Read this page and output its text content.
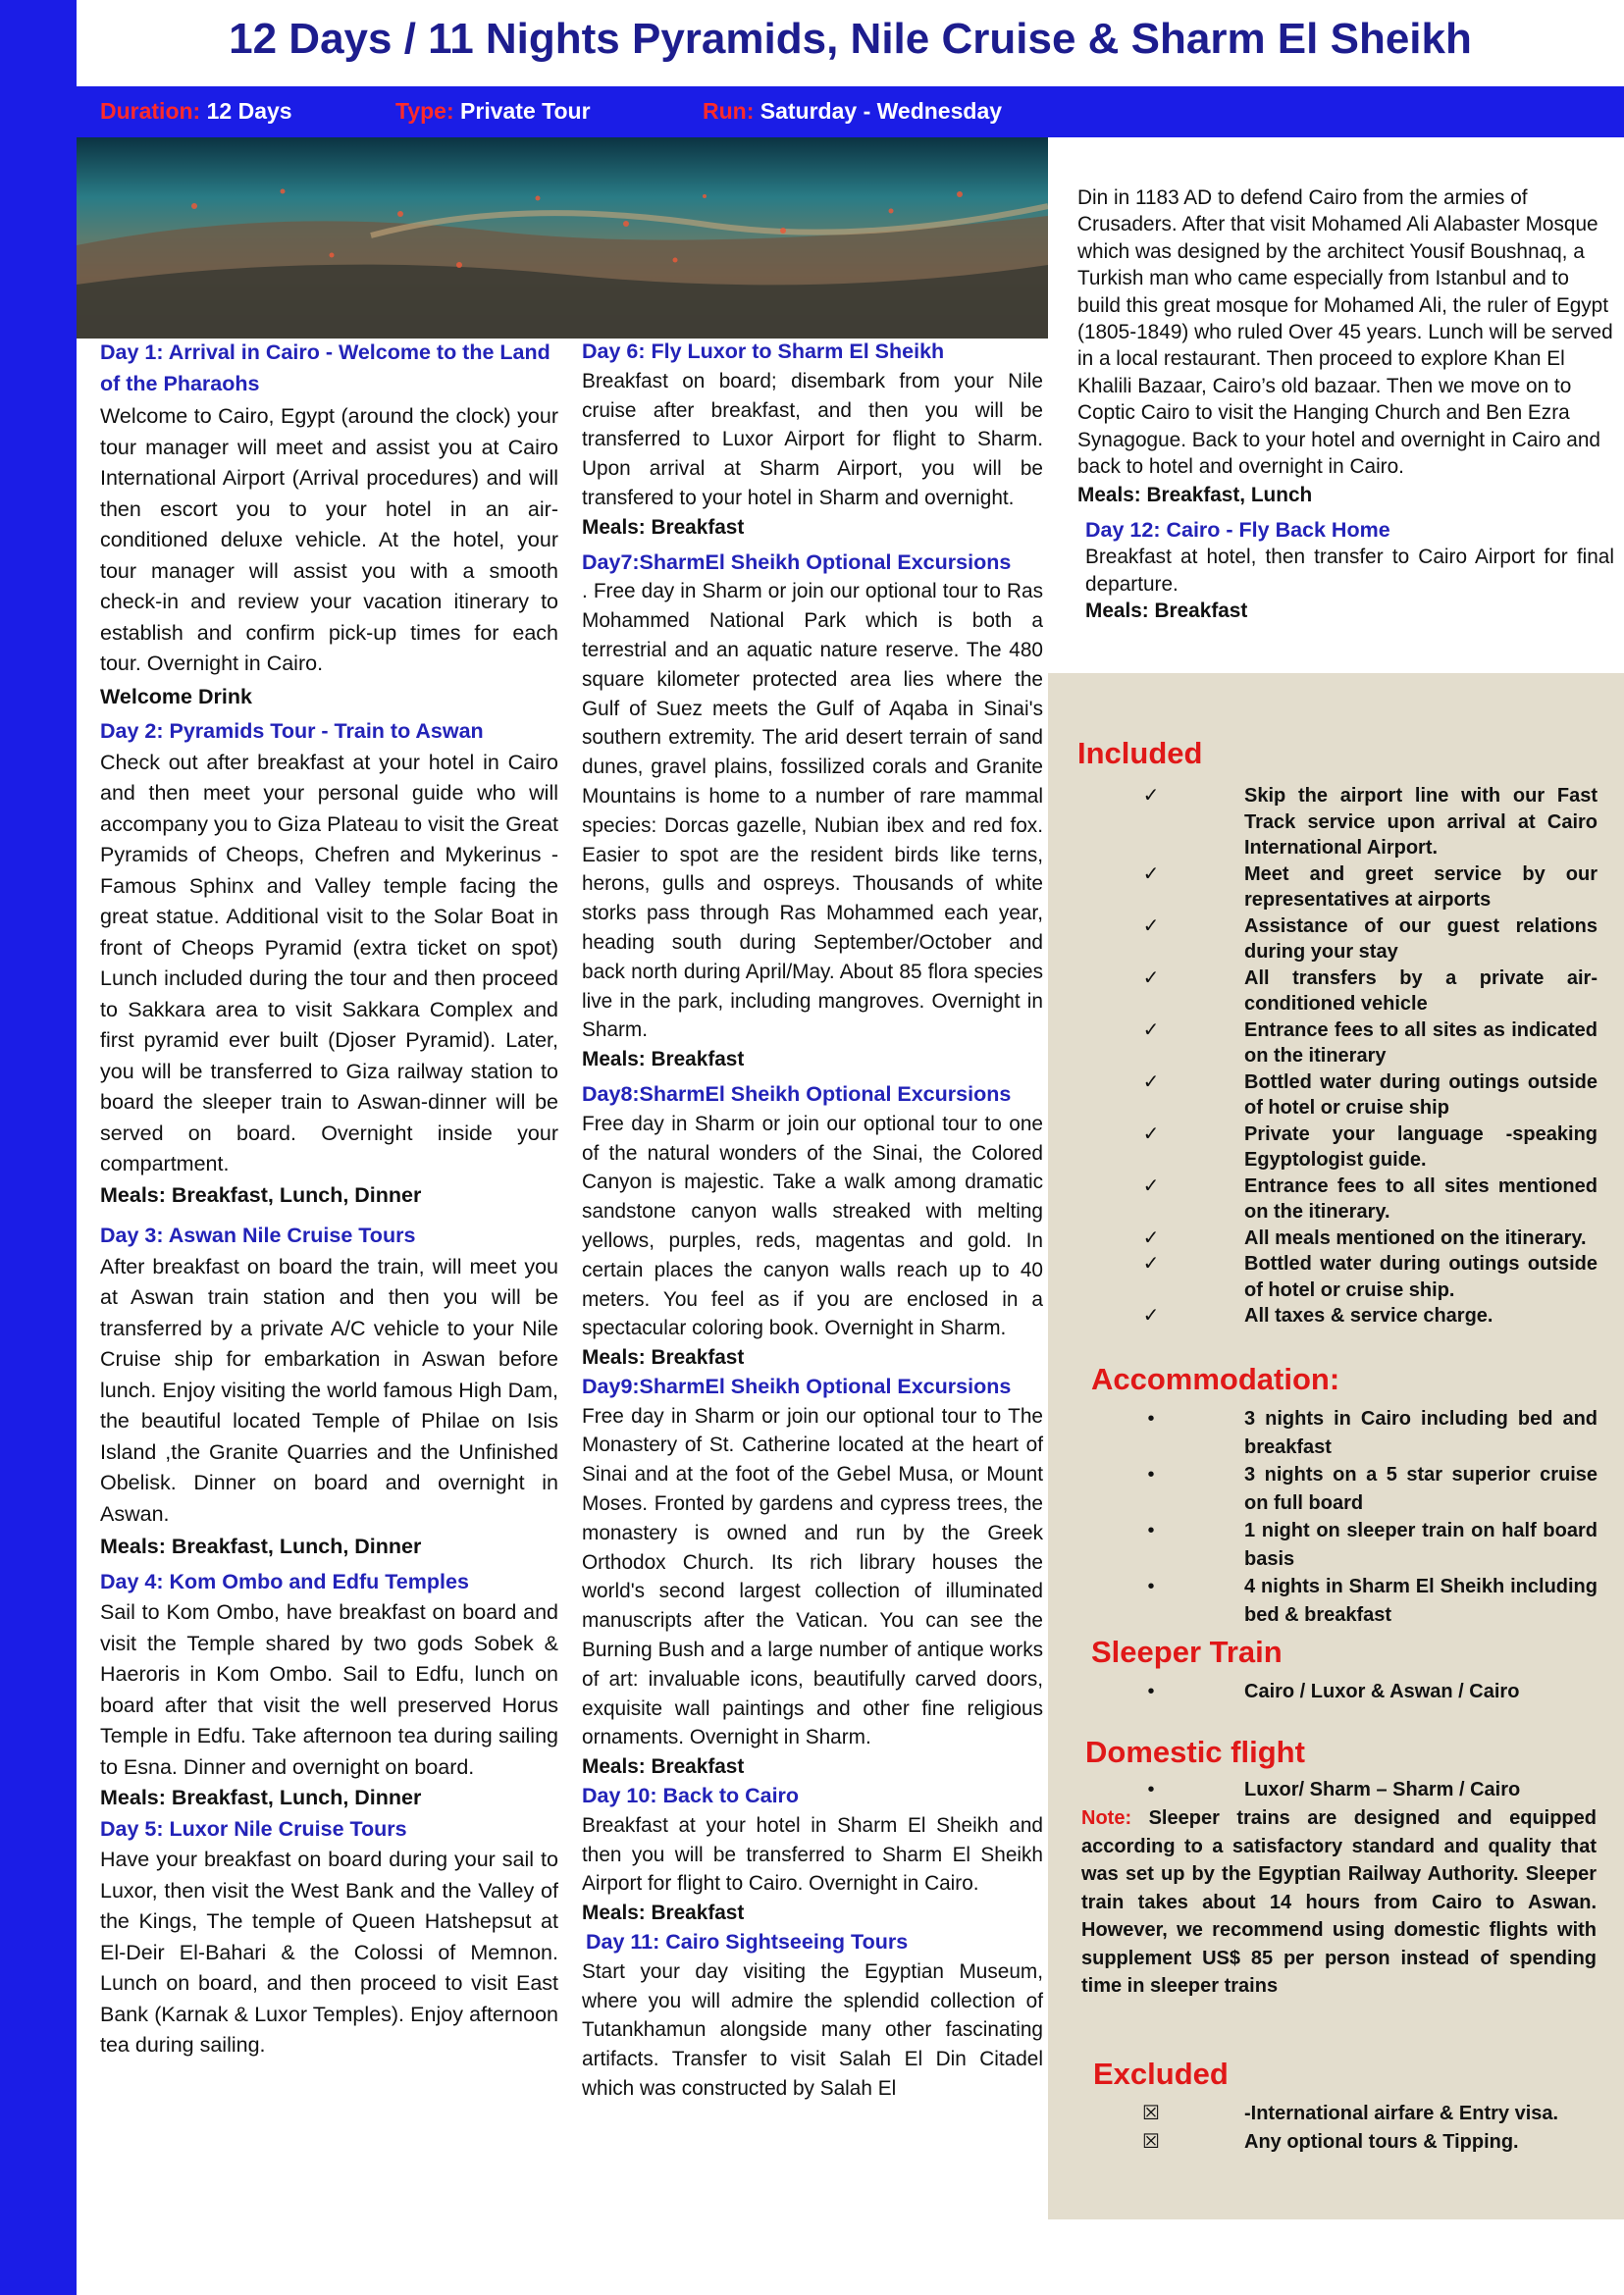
12 Days / 11 Nights Pyramids, Nile Cruise & Sharm El Sheikh
Duration: 12 Days	Type: Private Tour	Run: Saturday - Wednesday
Day 1: Arrival in Cairo - Welcome to the Land of the Pharaohs
Welcome to Cairo, Egypt (around the clock) your tour manager will meet and assist you at Cairo International Airport (Arrival procedures) and will then escort you to your hotel in an air-conditioned deluxe vehicle. At the hotel, your tour manager will assist you with a smooth check-in and review your vacation itinerary to establish and confirm pick-up times for each tour. Overnight in Cairo.
Welcome Drink
Day 2: Pyramids Tour - Train to Aswan
Check out after breakfast at your hotel in Cairo and then meet your personal guide who will accompany you to Giza Plateau to visit the Great Pyramids of Cheops, Chefren and Mykerinus - Famous Sphinx and Valley temple facing the great statue. Additional visit to the Solar Boat in front of Cheops Pyramid (extra ticket on spot) Lunch included during the tour and then proceed to Sakkara area to visit Sakkara Complex and first pyramid ever built (Djoser Pyramid). Later, you will be transferred to Giza railway station to board the sleeper train to Aswan-dinner will be served on board. Overnight inside your compartment.
Meals: Breakfast, Lunch, Dinner
Day 3: Aswan Nile Cruise Tours
After breakfast on board the train, will meet you at Aswan train station and then you will be transferred by a private A/C vehicle to your Nile Cruise ship for embarkation in Aswan before lunch. Enjoy visiting the world famous High Dam, the beautiful located Temple of Philae on Isis Island ,the Granite Quarries and the Unfinished Obelisk. Dinner on board and overnight in Aswan.
Meals: Breakfast, Lunch, Dinner
Day 4: Kom Ombo and Edfu Temples
Sail to Kom Ombo, have breakfast on board and visit the Temple shared by two gods Sobek & Haeroris in Kom Ombo. Sail to Edfu, lunch on board after that visit the well preserved Horus Temple in Edfu. Take afternoon tea during sailing to Esna. Dinner and overnight on board.
Meals: Breakfast, Lunch, Dinner
Day 5: Luxor Nile Cruise Tours
Have your breakfast on board during your sail to Luxor, then visit the West Bank and the Valley of the Kings, The temple of Queen Hatshepsut at El-Deir El-Bahari & the Colossi of Memnon. Lunch on board, and then proceed to visit East Bank (Karnak & Luxor Temples). Enjoy afternoon tea during sailing.
Day 6: Fly Luxor to Sharm El Sheikh
Breakfast on board; disembark from your Nile cruise after breakfast, and then you will be transferred to Luxor Airport for flight to Sharm. Upon arrival at Sharm Airport, you will be transfered to your hotel in Sharm and overnight.
Meals: Breakfast
Day7:SharmEl Sheikh Optional Excursions
. Free day in Sharm or join our optional tour to Ras Mohammed National Park which is both a terrestrial and an aquatic nature reserve. The 480 square kilometer protected area lies where the Gulf of Suez meets the Gulf of Aqaba in Sinai's southern extremity. The arid desert terrain of sand dunes, gravel plains, fossilized corals and Granite Mountains is home to a number of rare mammal species: Dorcas gazelle, Nubian ibex and red fox. Easier to spot are the resident birds like terns, herons, gulls and ospreys. Thousands of white storks pass through Ras Mohammed each year, heading south during September/October and back north during April/May. About 85 flora species live in the park, including mangroves. Overnight in Sharm.
Meals: Breakfast
Day8:SharmEl Sheikh Optional Excursions
Free day in Sharm or join our optional tour to one of the natural wonders of the Sinai, the Colored Canyon is majestic. Take a walk among dramatic sandstone canyon walls streaked with melting yellows, purples, reds, magentas and gold. In certain places the canyon walls reach up to 40 meters. You feel as if you are enclosed in a spectacular coloring book. Overnight in Sharm.
Meals: Breakfast
Day9:SharmEl Sheikh Optional Excursions
Free day in Sharm or join our optional tour to The Monastery of St. Catherine located at the heart of Sinai and at the foot of the Gebel Musa, or Mount Moses. Fronted by gardens and cypress trees, the monastery is owned and run by the Greek Orthodox Church. Its rich library houses the world's second largest collection of illuminated manuscripts after the Vatican. You can see the Burning Bush and a large number of antique works of art: invaluable icons, beautifully carved doors, exquisite wall paintings and other fine religious ornaments. Overnight in Sharm.
Meals: Breakfast
Day 10: Back to Cairo
Breakfast at your hotel in Sharm El Sheikh and then you will be transferred to Sharm El Sheikh Airport for flight to Cairo. Overnight in Cairo.
Meals: Breakfast
Day 11: Cairo Sightseeing Tours
Start your day visiting the Egyptian Museum, where you will admire the splendid collection of Tutankhamun alongside many other fascinating artifacts. Transfer to visit Salah El Din Citadel which was constructed by Salah El
Din in 1183 AD to defend Cairo from the armies of Crusaders. After that visit Mohamed Ali Alabaster Mosque which was designed by the architect Yousif Boushnaq, a Turkish man who came especially from Istanbul and to build this great mosque for Mohamed Ali, the ruler of Egypt (1805-1849) who ruled Over 45 years. Lunch will be served in a local restaurant. Then proceed to explore Khan El Khalili Bazaar, Cairo’s old bazaar. Then we move on to Coptic Cairo to visit the Hanging Church and Ben Ezra Synagogue. Back to your hotel and overnight in Cairo and back to hotel and overnight in Cairo.
Meals: Breakfast, Lunch
Day 12: Cairo - Fly Back Home
Breakfast at hotel, then transfer to Cairo Airport for final departure.
Meals: Breakfast
Included
✓	Skip the airport line with our Fast Track service upon arrival at Cairo International Airport.
✓	Meet and greet service by our representatives at airports
✓	Assistance of our guest relations during your stay
✓	All transfers by a private air-conditioned vehicle
✓	Entrance fees to all sites as indicated on the itinerary
✓	Bottled water during outings outside of hotel or cruise ship
✓	Private your language -speaking Egyptologist guide.
✓	Entrance fees to all sites mentioned on the itinerary.
✓	All meals mentioned on the itinerary.
✓	Bottled water during outings outside of hotel or cruise ship.
✓	All taxes & service charge.
Accommodation:
•	3 nights in Cairo including bed and breakfast
•	3 nights on a 5 star superior cruise on full board
•	1 night on sleeper train on half board basis
•	4 nights in Sharm El Sheikh including bed & breakfast
Sleeper Train
•	Cairo / Luxor & Aswan / Cairo
Domestic flight
•	Luxor/ Sharm – Sharm / Cairo
Note: Sleeper trains are designed and equipped according to a satisfactory standard and quality that was set up by the Egyptian Railway Authority. Sleeper train takes about 14 hours from Cairo to Aswan. However, we recommend using domestic flights with supplement US$ 85 per person instead of spending time in sleeper trains
Excluded
☒	-International airfare & Entry visa.
☒	Any optional tours & Tipping.
